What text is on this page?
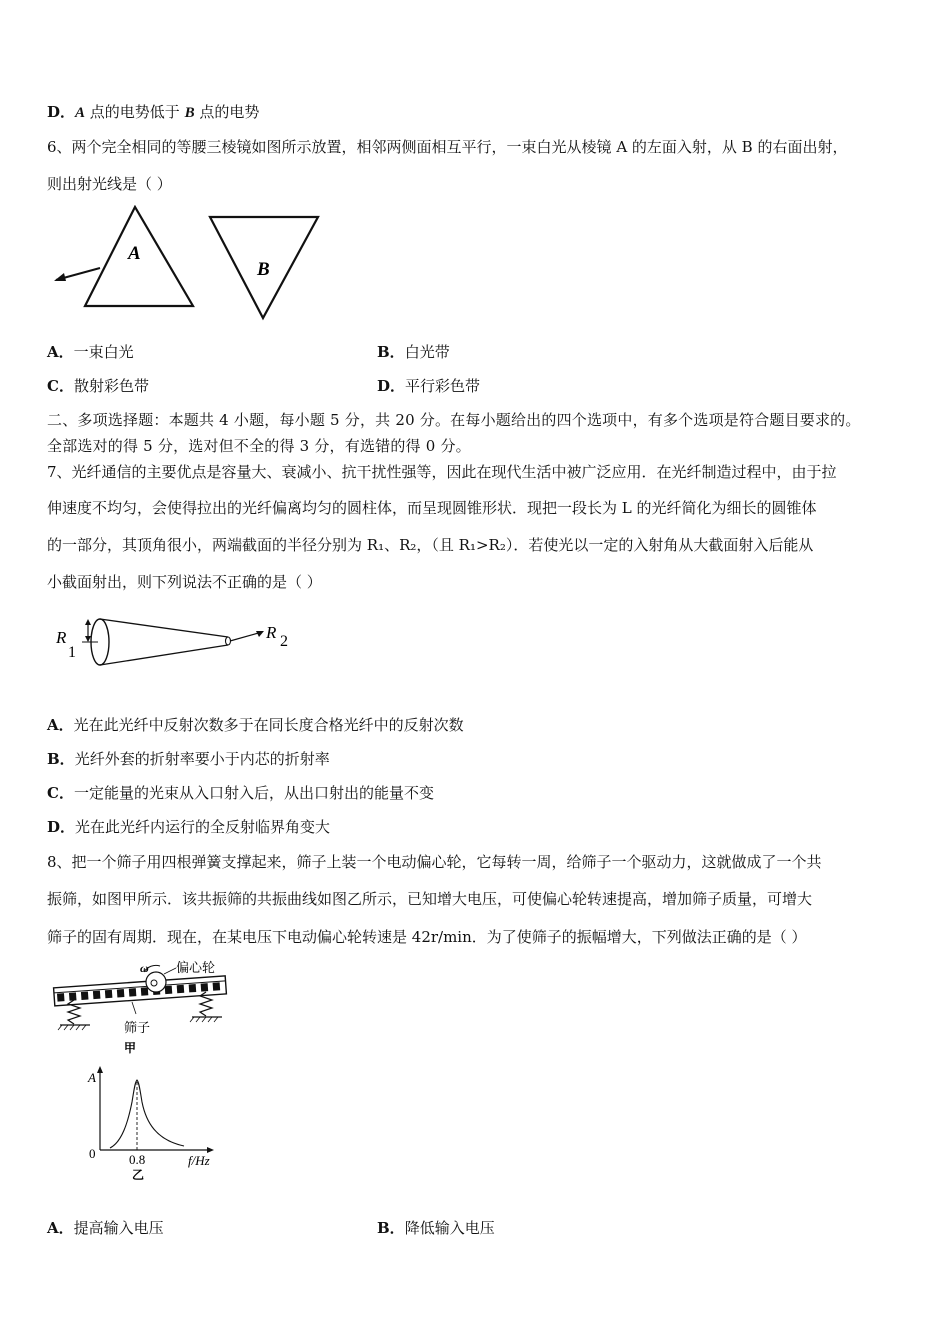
D．A 点的电势低于 B 点的电势
6、两个完全相同的等腰三棱镜如图所示放置，相邻两侧面相互平行，一束白光从棱镜 A 的左面入射，从 B 的右面出射，
则出射光线是（ ）
A
B
A．一束白光	B．白光带
C．散射彩色带	D．平行彩色带
二、多项选择题：本题共 4 小题，每小题 5 分，共 20 分。在每小题给出的四个选项中，有多个选项是符合题目要求的。
全部选对的得 5 分，选对但不全的得 3 分，有选错的得 0 分。
7、光纤通信的主要优点是容量大、衰减小、抗干扰性强等，因此在现代生活中被广泛应用．在光纤制造过程中，由于拉
伸速度不均匀，会使得拉出的光纤偏离均匀的圆柱体，而呈现圆锥形状．现把一段长为 L 的光纤简化为细长的圆锥体
的一部分，其顶角很小，两端截面的半径分别为 R₁、R₂，（且 R₁>R₂）．若使光以一定的入射角从大截面射入后能从
小截面射出，则下列说法不正确的是（ ）
R
1
R 2
A．光在此光纤中反射次数多于在同长度合格光纤中的反射次数
B．光纤外套的折射率要小于内芯的折射率
C．一定能量的光束从入口射入后，从出口射出的能量不变
D．光在此光纤内运行的全反射临界角变大
8、把一个筛子用四根弹簧支撑起来，筛子上装一个电动偏心轮，它每转一周，给筛子一个驱动力，这就做成了一个共
振筛，如图甲所示．该共振筛的共振曲线如图乙所示，已知增大电压，可使偏心轮转速提高，增加筛子质量，可增大
筛子的固有周期．现在，在某电压下电动偏心轮转速是 42r/min．为了使筛子的振幅增大，下列做法正确的是（ ）
ω 偏心轮
筛子
甲
A
0	0.8	f/Hz
乙
A．提高输入电压	B．降低输入电压
